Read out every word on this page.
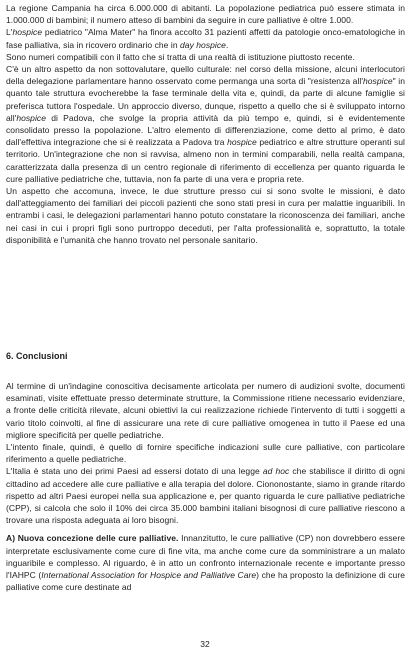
La regione Campania ha circa 6.000.000 di abitanti. La popolazione pediatrica può essere stimata in 1.000.000 di bambini; il numero atteso di bambini da seguire in cure palliative è oltre 1.000.

L'hospice pediatrico "Alma Mater" ha finora accolto 31 pazienti affetti da patologie onco-ematologiche in fase palliativa, sia in ricovero ordinario che in day hospice.

Sono numeri compatibili con il fatto che si tratta di una realtà di istituzione piuttosto recente.

C'è un altro aspetto da non sottovalutare, quello culturale: nel corso della missione, alcuni interlocutori della delegazione parlamentare hanno osservato come permanga una sorta di "resistenza all'hospice" in quanto tale struttura evocherebbe la fase terminale della vita e, quindi, da parte di alcune famiglie si preferisca tuttora l'ospedale. Un approccio diverso, dunque, rispetto a quello che si è sviluppato intorno all'hospice di Padova, che svolge la propria attività da più tempo e, quindi, si è evidentemente consolidato presso la popolazione. L'altro elemento di differenziazione, come detto al primo, è dato dall'effettiva integrazione che si è realizzata a Padova tra hospice pediatrico e altre strutture operanti sul territorio. Un'integrazione che non si ravvisa, almeno non in termini comparabili, nella realtà campana, caratterizzata dalla presenza di un centro regionale di riferimento di eccellenza per quanto riguarda le cure palliative pediatriche che, tuttavia, non fa parte di una vera e propria rete.

Un aspetto che accomuna, invece, le due strutture presso cui si sono svolte le missioni, è dato dall'atteggiamento dei familiari dei piccoli pazienti che sono stati presi in cura per malattie inguaribili. In entrambi i casi, le delegazioni parlamentari hanno potuto constatare la riconoscenza dei familiari, anche nei casi in cui i propri figli sono purtroppo deceduti, per l'alta professionalità e, soprattutto, la totale disponibilità e l'umanità che hanno trovato nel personale sanitario.

6. Conclusioni

Al termine di un'indagine conoscitiva decisamente articolata per numero di audizioni svolte, documenti esaminati, visite effettuate presso determinate strutture, la Commissione ritiene necessario evidenziare, a fronte delle criticità rilevate, alcuni obiettivi la cui realizzazione richiede l'intervento di tutti i soggetti a vario titolo coinvolti, al fine di assicurare una rete di cure palliative omogenea in tutto il Paese ed una migliore specificità per quelle pediatriche.

L'intento finale, quindi, è quello di fornire specifiche indicazioni sulle cure palliative, con particolare riferimento a quelle pediatriche.

L'Italia è stata uno dei primi Paesi ad essersi dotato di una legge ad hoc che stabilisce il diritto di ogni cittadino ad accedere alle cure palliative e alla terapia del dolore. Ciononostante, siamo in grande ritardo rispetto ad altri Paesi europei nella sua applicazione e, per quanto riguarda le cure palliative pediatriche (CPP), si calcola che solo il 10% dei circa 35.000 bambini italiani bisognosi di cure palliative riescono a trovare una risposta adeguata ai loro bisogni.

A) Nuova concezione delle cure palliative. Innanzitutto, le cure palliative (CP) non dovrebbero essere interpretate esclusivamente come cure di fine vita, ma anche come cure da somministrare a un malato inguaribile e complesso. Al riguardo, è in atto un confronto internazionale recente e importante presso l'IAHPC (International Association for Hospice and Palliative Care) che ha proposto la definizione di cure palliative come cure destinate ad

32
